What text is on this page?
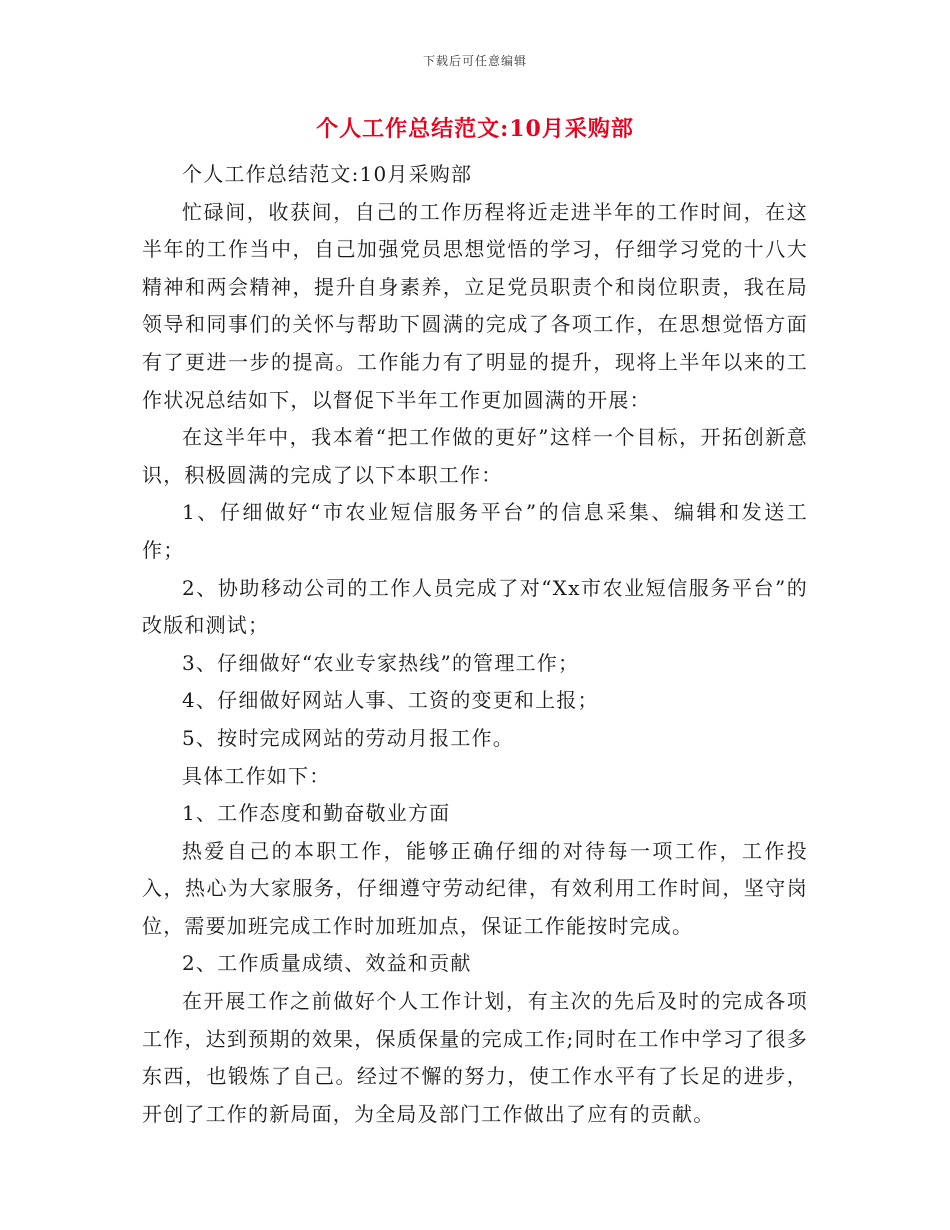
下载后可任意编辑
个人工作总结范文:10月采购部

个人工作总结范文:10月采购部

忙碌间，收获间，自己的工作历程将近走进半年的工作时间，在这半年的工作当中，自己加强党员思想觉悟的学习，仔细学习党的十八大精神和两会精神，提升自身素养，立足党员职责个和岗位职责，我在局领导和同事们的关怀与帮助下圆满的完成了各项工作，在思想觉悟方面有了更进一步的提高。工作能力有了明显的提升，现将上半年以来的工作状况总结如下，以督促下半年工作更加圆满的开展：

在这半年中，我本着“把工作做的更好”这样一个目标，开拓创新意识，积极圆满的完成了以下本职工作：

1、仔细做好“市农业短信服务平台”的信息采集、编辑和发送工作；

2、协助移动公司的工作人员完成了对“Xx市农业短信服务平台”的改版和测试；

3、仔细做好“农业专家热线”的管理工作；

4、仔细做好网站人事、工资的变更和上报；

5、按时完成网站的劳动月报工作。

具体工作如下：

1、工作态度和勤奋敬业方面

热爱自己的本职工作，能够正确仔细的对待每一项工作，工作投入，热心为大家服务，仔细遵守劳动纪律，有效利用工作时间，坚守岗位，需要加班完成工作时加班加点，保证工作能按时完成。

2、工作质量成绩、效益和贡献

在开展工作之前做好个人工作计划，有主次的先后及时的完成各项工作，达到预期的效果，保质保量的完成工作;同时在工作中学习了很多东西，也锻炼了自己。经过不懈的努力，使工作水平有了长足的进步，开创了工作的新局面，为全局及部门工作做出了应有的贡献。
